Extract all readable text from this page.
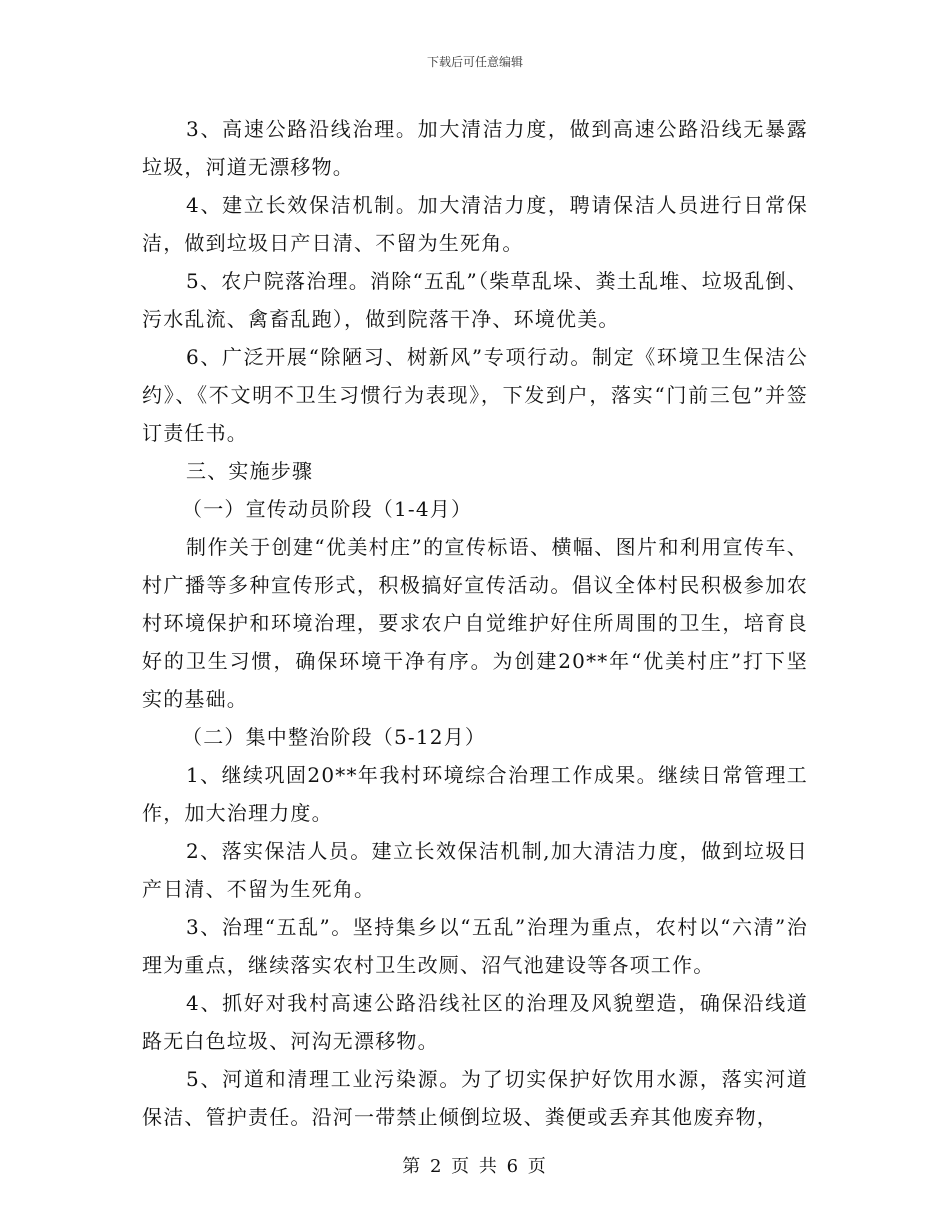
下载后可任意编辑

3、高速公路沿线治理。加大清洁力度，做到高速公路沿线无暴露垃圾，河道无漂移物。

4、建立长效保洁机制。加大清洁力度，聘请保洁人员进行日常保洁，做到垃圾日产日清、不留为生死角。

5、农户院落治理。消除“五乱”（柴草乱垛、粪土乱堆、垃圾乱倒、污水乱流、禽畜乱跑），做到院落干净、环境优美。

6、广泛开展“除陋习、树新风”专项行动。制定《环境卫生保洁公约》、《不文明不卫生习惯行为表现》，下发到户，落实“门前三包”并签订责任书。

三、实施步骤

（一）宣传动员阶段（1-4月）

制作关于创建“优美村庄”的宣传标语、横幅、图片和利用宣传车、村广播等多种宣传形式，积极搞好宣传活动。倡议全体村民积极参加农村环境保护和环境治理，要求农户自觉维护好住所周围的卫生，培育良好的卫生习惯，确保环境干净有序。为创建20**年“优美村庄”打下坚实的基础。

（二）集中整治阶段（5-12月）

1、继续巩固20**年我村环境综合治理工作成果。继续日常管理工作，加大治理力度。

2、落实保洁人员。建立长效保洁机制,加大清洁力度，做到垃圾日产日清、不留为生死角。

3、治理“五乱”。坚持集乡以“五乱”治理为重点，农村以“六清”治理为重点，继续落实农村卫生改厕、沼气池建设等各项工作。

4、抓好对我村高速公路沿线社区的治理及风貌塑造，确保沿线道路无白色垃圾、河沟无漂移物。

5、河道和清理工业污染源。为了切实保护好饮用水源，落实河道保洁、管护责任。沿河一带禁止倾倒垃圾、粪便或丢弃其他废弃物，

第 2 页 共 6 页
